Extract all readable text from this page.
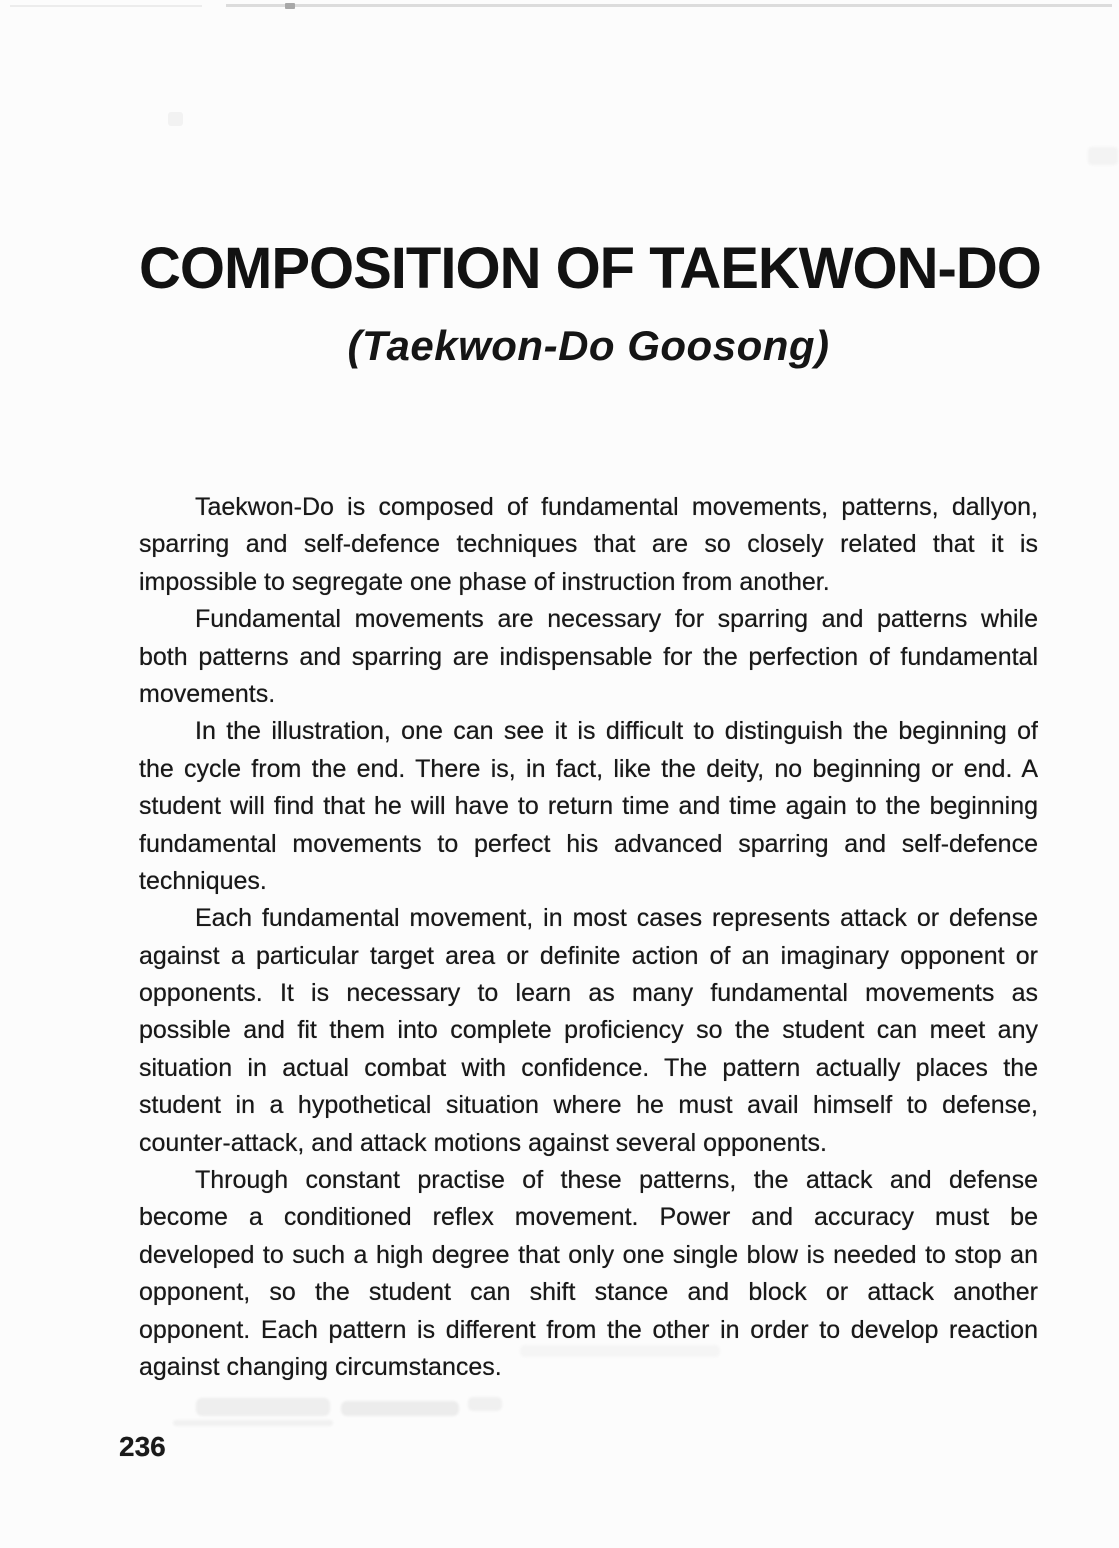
COMPOSITION OF TAEKWON-DO
(Taekwon-Do Goosong)
Taekwon-Do is composed of fundamental movements, patterns, dallyon,
sparring and self-defence techniques that are so closely related that it is
impossible to segregate one phase of instruction from another.
Fundamental movements are necessary for sparring and patterns while
both patterns and sparring are indispensable for the perfection of fundamental
movements.
In the illustration, one can see it is difficult to distinguish the beginning of
the cycle from the end. There is, in fact, like the deity, no beginning or end. A
student will find that he will have to return time and time again to the beginning
fundamental movements to perfect his advanced sparring and self-defence
techniques.
Each fundamental movement, in most cases represents attack or defense
against a particular target area or definite action of an imaginary opponent or
opponents. It is necessary to learn as many fundamental movements as
possible and fit them into complete proficiency so the student can meet any
situation in actual combat with confidence. The pattern actually places the
student in a hypothetical situation where he must avail himself to defense,
counter-attack, and attack motions against several opponents.
Through constant practise of these patterns, the attack and defense
become a conditioned reflex movement. Power and accuracy must be
developed to such a high degree that only one single blow is needed to stop an
opponent, so the student can shift stance and block or attack another
opponent. Each pattern is different from the other in order to develop reaction
against changing circumstances.
236
